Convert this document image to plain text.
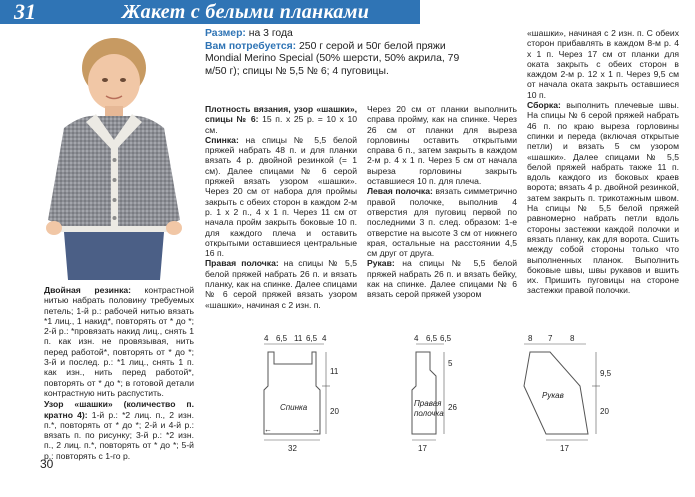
31	Жакет с белыми планками

Размер: на 3 года

Вам потребуется: 250 г серой и 50г белой пряжи Mondial Merino Special (50% шерсти, 50% акрила, 79 м/50 г); спицы № 5,5 № 6; 4 пуговицы.

Двойная резинка: контрастной нитью набрать половину требуемых петель; 1-й р.: рабочей нитью вязать *1 лиц., 1 накид*, повторять от * до *; 2-й р.: *провязать накид лиц., снять 1 п. как изн. не провязывая, нить перед работой*, повторять от * до *; 3-й и послед. р.: *1 лиц., снять 1 п. как изн., нить перед работой*, повторять от * до *; в готовой детали контрастную нить распустить.

Узор «шашки» (количество п. кратно 4): 1-й р.: *2 лиц. п., 2 изн. п.*, повторять от * до *; 2-й и 4-й р.: вязать п. по рисунку; 3-й р.: *2 изн. п., 2 лиц. п.*, повторять от * до *; 5-й р.: повторять с 1-го р.

Плотность вязания, узор «шашки», спицы № 6: 15 п. х 25 р. = 10 х 10 см.

Спинка: на спицы № 5,5 белой пряжей набрать 48 п. и для планки вязать 4 р. двойной резинкой (= 1 см). Далее спицами № 6 серой пряжей вязать узором «шашки». Через 20 см от набора для проймы закрыть с обеих сторон в каждом 2-м р. 1 х 2 п., 4 х 1 п. Через 11 см от начала пройм закрыть боковые 10 п. для каждого плеча и оставить открытыми оставшиеся центральные 16 п.

Правая полочка: на спицы № 5,5 белой пряжей набрать 26 п. и вязать планку, как на спинке. Далее спицами № 6 серой пряжей вязать узором «шашки», начиная с 2 изн. п.

Через 20 см от планки выполнить справа пройму, как на спинке. Через 26 см от планки для выреза горловины оставить открытыми справа 6 п., затем закрыть в каждом 2-м р. 4 х 1 п. Через 5 см от начала выреза горловины закрыть оставшиеся 10 п. для плеча.

Левая полочка: вязать симметрично правой полочке, выполнив 4 отверстия для пуговиц первой по последними 3 п. след. образом: 1-е отверстие на высоте 3 см от нижнего края, остальные на расстоянии 4,5 см друг от друга.

Рукав: на спицы № 5,5 белой пряжей набрать 26 п. и вязать бейку, как на спинке. Далее спицами № 6 вязать серой пряжей узором

«шашки», начиная с 2 изн. п. С обеих сторон прибавлять в каждом 8-м р. 4 х 1 п. Через 17 см от планки для оката закрыть с обеих сторон в каждом 2-м р. 12 х 1 п. Через 9,5 см от начала оката закрыть оставшиеся 10 п.

Сборка: выполнить плечевые швы. На спицы № 6 серой пряжей набрать 46 п. по краю выреза горловины спинки и переда (включая открытые петли) и вязать 5 см узором «шашки». Далее спицами № 5,5 белой пряжей набрать также 11 п. вдоль каждого из боковых краев ворота; вязать 4 р. двойной резинкой, затем закрыть п. трикотажным швом. На спицы № 5,5 белой пряжей равномерно набрать петли вдоль стороны застежки каждой полочки и вязать планку, как для ворота. Сшить между собой стороны только что выполненных планок. Выполнить боковые швы, швы рукавов и вшить их. Пришить пуговицы на стороне застежки правой полочки.

4 6,5 11 6,5 4
11
20
Спинка
←	→
32
4 6,5 6,5
5
26
Правая
полочка
17
8 7 8
9,5
20
Рукав
17
30
